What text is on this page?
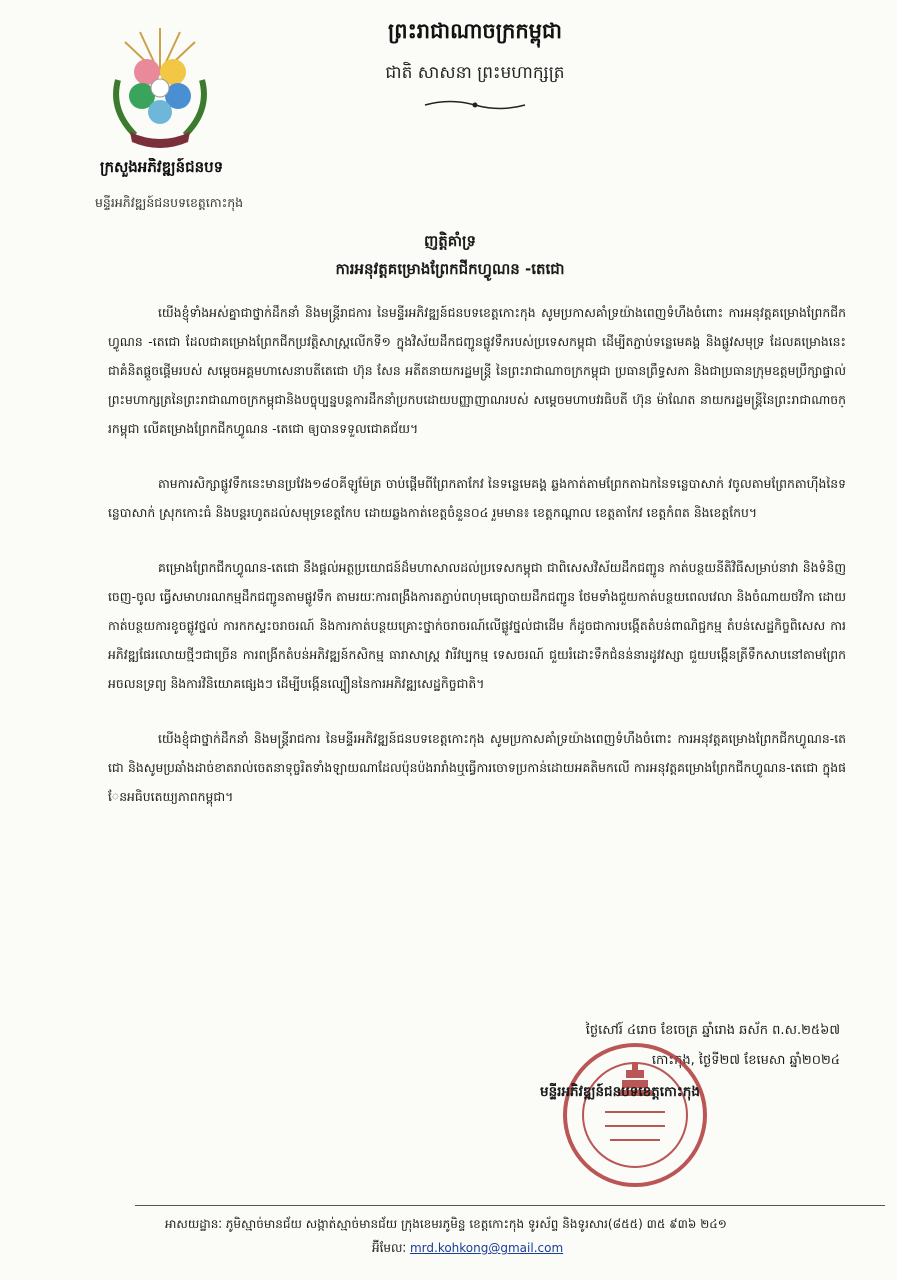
ក្រសួងអភិវឌ្ឍន៍ជនបទ
មន្ទីរអភិវឌ្ឍន៍ជនបទខេត្តកោះកុង
ព្រះរាជាណាចក្រកម្ពុជា
ជាតិ សាសនា ព្រះមហាក្សត្រ
ញត្តិគាំទ្រ
ការអនុវត្តគម្រោងព្រែកជីកហ្វូណន -តេជោ

យើងខ្ញុំទាំងអស់គ្នាជាថ្នាក់ដឹកនាំ និងមន្ត្រីរាជការ នៃមន្ទីរអភិវឌ្ឍន៍ជនបទខេត្តកោះកុង សូមប្រកាសគាំទ្រយ៉ាងពេញទំហឹងចំពោះ ការអនុវត្តគម្រោងព្រែកជីកហ្វូណន -តេជោ ដែលជាគម្រោងព្រែកជីកប្រវត្តិសាស្ត្រលើកទី១ ក្នុងវិស័យដឹកជញ្ជូនផ្លូវទឹករបស់ប្រទេសកម្ពុជា ដើម្បីតភ្ជាប់ទន្លេមេគង្គ និងផ្លូវសមុទ្រ ដែលគម្រោងនេះ ជាគំនិតផ្តួចផ្តើមរបស់ សម្តេចអគ្គមហាសេនាបតីតេជោ ហ៊ុន សែន អតីតនាយករដ្ឋមន្ត្រី នៃព្រះរាជាណាចក្រកម្ពុជា ប្រធានព្រឹទ្ធសភា និងជាប្រធានក្រុមឧត្តមប្រឹក្សាផ្ទាល់ព្រះមហាក្សត្រនៃព្រះរាជាណាចក្រកម្ពុជានិងបច្ចុប្បន្នបន្តការដឹកនាំប្រកបដោយបញ្ញាញាណរបស់ សម្តេចមហាបវរធិបតី ហ៊ុន ម៉ាណែត នាយករដ្ឋមន្ត្រីនៃព្រះរាជាណាចក្រកម្ពុជា លើគម្រោងព្រែកជីកហ្វូណន -តេជោ ឲ្យបានទទួលជោគជ័យ។

តាមការសិក្សាផ្លូវទឹកនេះមានប្រវែង១៨០គីឡូម៉ែត្រ ចាប់ផ្តើមពីព្រែកតាកែវ នៃទន្លេមេគង្គ ឆ្លងកាត់តាមព្រែកតាឯកនៃទន្លេបាសាក់ វចូលតាមព្រែកតាហ៊ីងនៃទន្លេបាសាក់ ស្រុកកោះធំ និងបន្តរហូតដល់សមុទ្រខេត្តកែប ដោយឆ្លងកាត់ខេត្តចំនួន០៤ រួមមាន៖ ខេត្តកណ្តាល ខេត្តតាកែវ ខេត្តកំពត និងខេត្តកែប។

គម្រោងព្រែកជីកហ្វូណន-តេជោ នឹងផ្តល់អត្ថប្រយោជន៍ដ៏មហាសាលដល់ប្រទេសកម្ពុជា ជាពិសេសវិស័យដឹកជញ្ជូន កាត់បន្ថយនីតិវិធីសម្រាប់នាវា និងទំនិញចេញ-ចូល ធ្វើសមាហរណកម្មដឹកជញ្ជូនតាមផ្លូវទឹក តាមរយៈការពង្រឹងការតភ្ជាប់ពហុមធ្យោបាយដឹកជញ្ជូន ថែមទាំងជួយកាត់បន្ថយពេលវេលា និងចំណាយថវិកា ដោយកាត់បន្ថយការខូចផ្លូវថ្នល់ ការកកស្ទះចរាចរណ៍ និងការកាត់បន្ថយគ្រោះថ្នាក់ចរាចរណ៍លើផ្លូវថ្នល់ជាដើម ក៏ដូចជាការបង្កើតតំបន់ពាណិជ្ជកម្ម តំបន់សេដ្ឋកិច្ចពិសេស ការអភិវឌ្ឍផែរលោយថ្មីៗជាច្រើន ការពង្រីកតំបន់អភិវឌ្ឍន៍កសិកម្ម ធារាសាស្ត្រ វារីវប្បកម្ម ទេសចរណ៍ ជួយរំដោះទឹកជំនន់នារដូវវស្សា ជួយបង្កើនត្រីទឹកសាបនៅតាមព្រែក អចលនទ្រព្យ និងការវិនិយោគផ្សេងៗ ដើម្បីបង្កើនល្បឿននៃការអភិវឌ្ឍសេដ្ឋកិច្ចជាតិ។

យើងខ្ញុំជាថ្នាក់ដឹកនាំ និងមន្ត្រីរាជការ នៃមន្ទីរអភិវឌ្ឍន៍ជនបទខេត្តកោះកុង សូមប្រកាសគាំទ្រយ៉ាងពេញទំហឹងចំពោះ ការអនុវត្តគម្រោងព្រែកជីកហ្វូណន-តេជោ និងសូមប្រឆាំងដាច់ខាតរាល់ចេតនាទុច្ចរិតទាំងឡាយណាដែលប៉ុនប៉ងរារាំងឬធ្វើការចោទប្រកាន់ដោយអគតិមកលើ ការអនុវត្តគម្រោងព្រែកជីកហ្វូណន-តេជោ ក្នុងផែនអធិបតេយ្យភាពកម្ពុជា។

ថ្ងៃសៅរ៍ ៤រោច ខែចេត្រ ឆ្នាំរោង ឆស័ក ព.ស.២៥៦៧
កោះកុង, ថ្ងៃទី២៧ ខែមេសា ឆ្នាំ២០២៤
មន្ទីរអភិវឌ្ឍន៍ជនបទខេត្តកោះកុង
អាសយដ្ឋានៈ ភូមិស្មាច់មានជ័យ សង្កាត់ស្មាច់មានជ័យ ក្រុងខេមរភូមិន្ទ ខេត្តកោះកុង ទូរស័ព្ទ និងទូរសារ(៨៥៥) ៣៥ ៩៣៦ ២៤១
អ៊ីមែលៈ mrd.kohkong@gmail.com
